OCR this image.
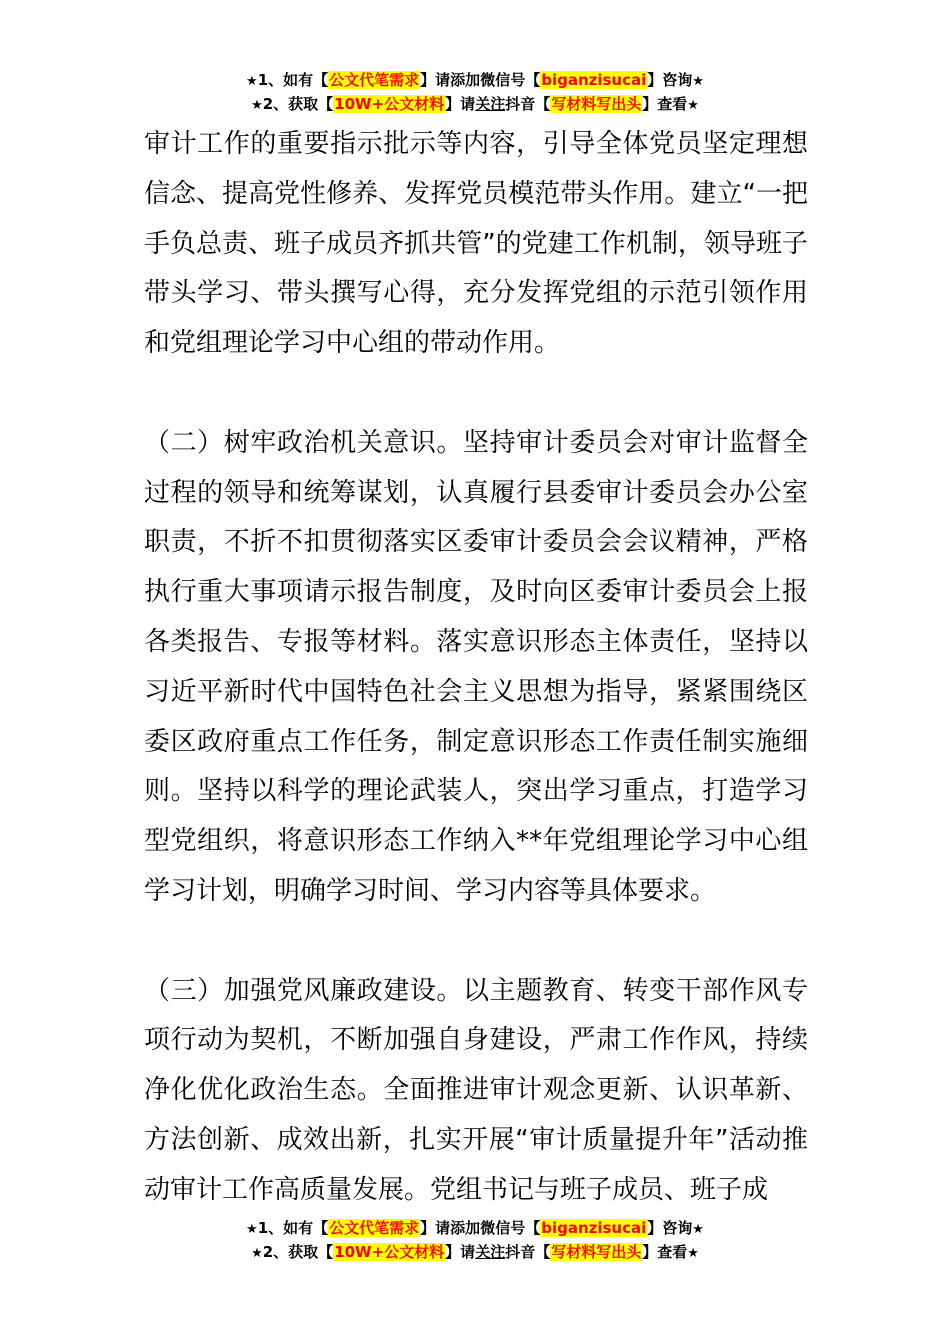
★1、如有【公文代笔需求】请添加微信号【biganzisucai】咨询★
★2、获取【10W+公文材料】请关注抖音【写材料写出头】查看★

审计工作的重要指示批示等内容，引导全体党员坚定理想信念、提高党性修养、发挥党员模范带头作用。建立“一把手负总责、班子成员齐抓共管”的党建工作机制，领导班子带头学习、带头撰写心得，充分发挥党组的示范引领作用和党组理论学习中心组的带动作用。

（二）树牢政治机关意识。坚持审计委员会对审计监督全过程的领导和统筹谋划，认真履行县委审计委员会办公室职责，不折不扣贯彻落实区委审计委员会会议精神，严格执行重大事项请示报告制度，及时向区委审计委员会上报各类报告、专报等材料。落实意识形态主体责任，坚持以习近平新时代中国特色社会主义思想为指导，紧紧围绕区委区政府重点工作任务，制定意识形态工作责任制实施细则。坚持以科学的理论武装人，突出学习重点，打造学习型党组织，将意识形态工作纳入**年党组理论学习中心组学习计划，明确学习时间、学习内容等具体要求。

（三）加强党风廉政建设。以主题教育、转变干部作风专项行动为契机，不断加强自身建设，严肃工作作风，持续净化优化政治生态。全面推进审计观念更新、认识革新、方法创新、成效出新，扎实开展“审计质量提升年”活动推动审计工作高质量发展。党组书记与班子成员、班子成

★1、如有【公文代笔需求】请添加微信号【biganzisucai】咨询★
★2、获取【10W+公文材料】请关注抖音【写材料写出头】查看★
